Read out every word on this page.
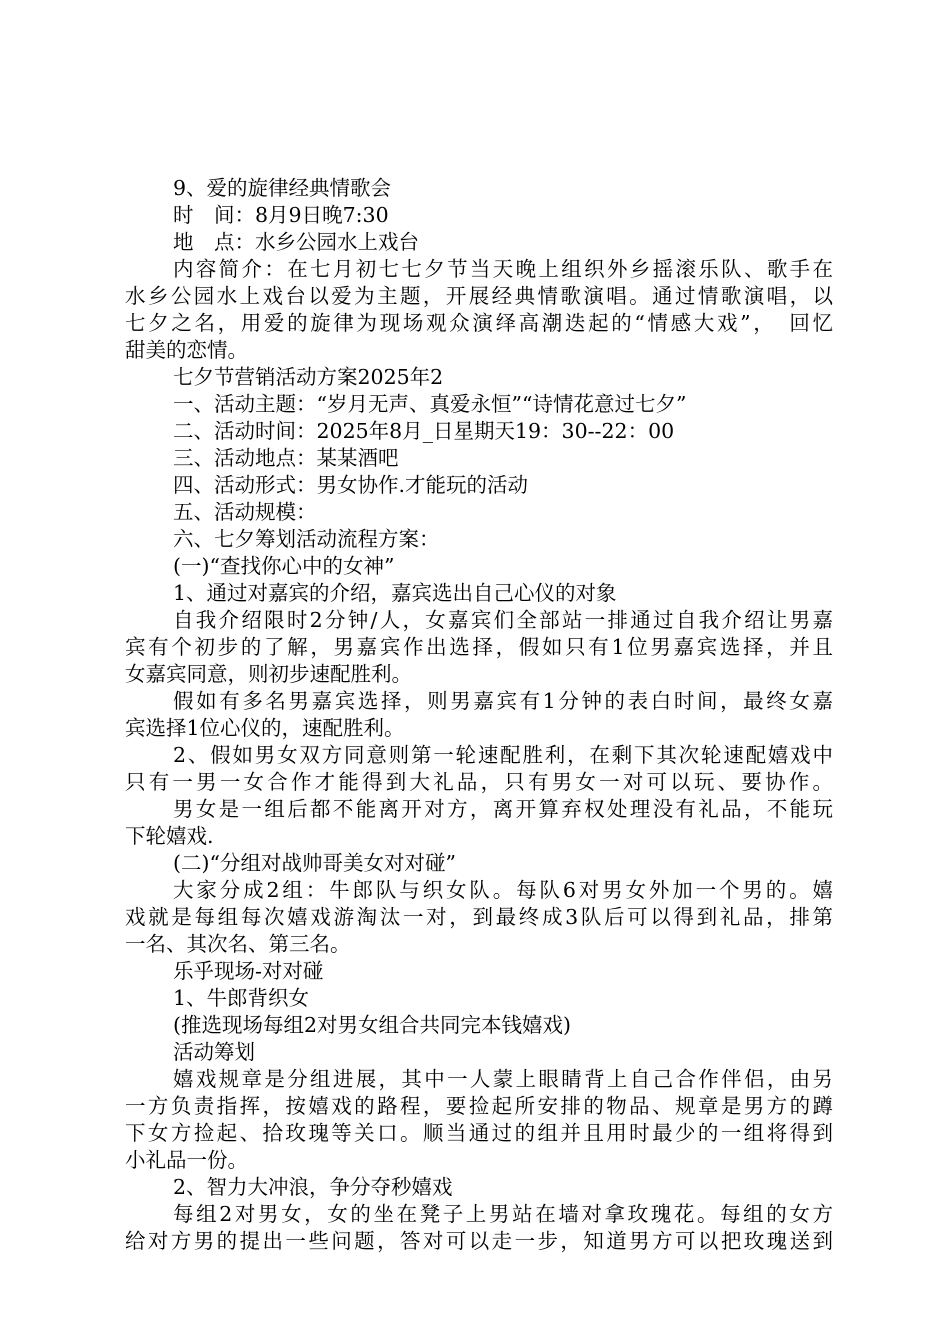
9、爱的旋律经典情歌会

时　间：8月9日晚7:30

地　点：水乡公园水上戏台

内容简介：在七月初七七夕节当天晚上组织外乡摇滚乐队、歌手在

水乡公园水上戏台以爱为主题，开展经典情歌演唱。通过情歌演唱，以

七夕之名，用爱的旋律为现场观众演绎高潮迭起的“情感大戏”，　回忆

甜美的恋情。

七夕节营销活动方案2025年2

一、活动主题：“岁月无声、真爱永恒”“诗情花意过七夕”

二、活动时间：2025年8月_日星期天19：30--22：00

三、活动地点：某某酒吧

四、活动形式：男女协作.才能玩的活动

五、活动规模：

六、七夕筹划活动流程方案：

(一)“查找你心中的女神”

1、通过对嘉宾的介绍，嘉宾选出自己心仪的对象

自我介绍限时2分钟/人，女嘉宾们全部站一排通过自我介绍让男嘉

宾有个初步的了解，男嘉宾作出选择，假如只有1位男嘉宾选择，并且

女嘉宾同意，则初步速配胜利。

假如有多名男嘉宾选择，则男嘉宾有1分钟的表白时间，最终女嘉

宾选择1位心仪的，速配胜利。

2、假如男女双方同意则第一轮速配胜利，在剩下其次轮速配嬉戏中

只有一男一女合作才能得到大礼品，只有男女一对可以玩、要协作。

男女是一组后都不能离开对方，离开算弃权处理没有礼品，不能玩

下轮嬉戏.

(二)“分组对战帅哥美女对对碰”

大家分成2组：牛郎队与织女队。每队6对男女外加一个男的。嬉

戏就是每组每次嬉戏游淘汰一对，到最终成3队后可以得到礼品，排第

一名、其次名、第三名。

乐乎现场-对对碰

1、牛郎背织女

(推选现场每组2对男女组合共同完本钱嬉戏)

活动筹划

嬉戏规章是分组进展，其中一人蒙上眼睛背上自己合作伴侣，由另

一方负责指挥，按嬉戏的路程，要捡起所安排的物品、规章是男方的蹲

下女方捡起、拾玫瑰等关口。顺当通过的组并且用时最少的一组将得到

小礼品一份。

2、智力大冲浪，争分夺秒嬉戏

每组2对男女，女的坐在凳子上男站在墙对拿玫瑰花。每组的女方

给对方男的提出一些问题，答对可以走一步，知道男方可以把玫瑰送到
